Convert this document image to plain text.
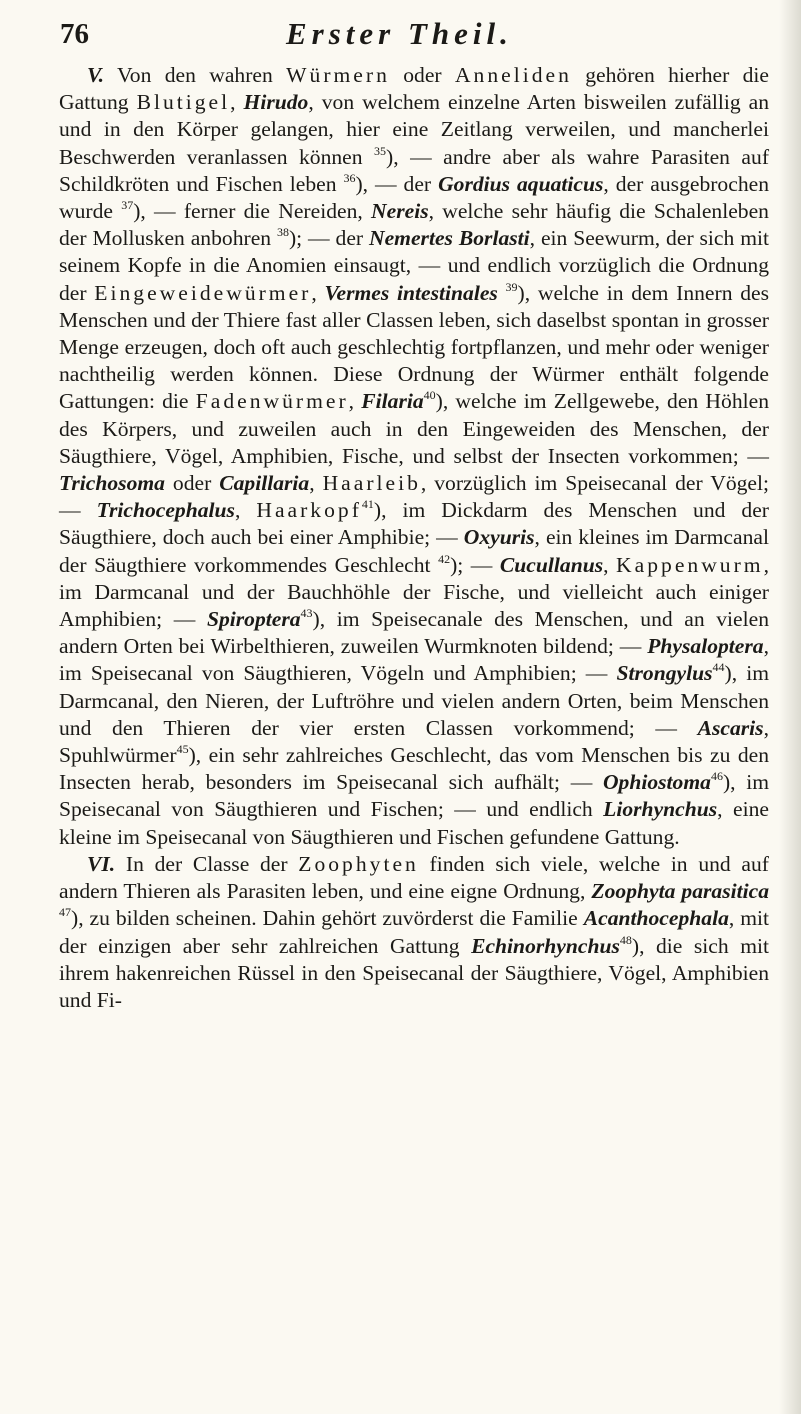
76	Erster Theil.

V. Von den wahren Würmern oder Anneliden gehören hierher die Gattung Blutigel, Hirudo, von welchem einzelne Arten bisweilen zufällig an und in den Körper gelangen, hier eine Zeitlang verweilen, und mancherlei Beschwerden veranlassen können $^{35}$), — andre aber als wahre Parasiten auf Schildkröten und Fischen leben $^{36}$), — der Gordius aquaticus, der ausgebrochen wurde $^{37}$), — ferner die Nereiden, Nereis, welche sehr häufig die Schalenleben der Mollusken anbohren $^{38}$); — der Nemertes Borlasti, ein Seewurm, der sich mit seinem Kopfe in die Anomien einsaugt, — und endlich vorzüglich die Ordnung der Eingeweidewürmer, Vermes intestinales $^{39}$), welche in dem Innern des Menschen und der Thiere fast aller Classen leben, sich daselbst spontan in grosser Menge erzeugen, doch oft auch geschlechtig fortpflanzen, und mehr oder weniger nachtheilig werden können. Diese Ordnung der Würmer enthält folgende Gattungen: die Fadenwürmer, Filaria$^{40}$), welche im Zellgewebe, den Höhlen des Körpers, und zuweilen auch in den Eingeweiden des Menschen, der Säugthiere, Vögel, Amphibien, Fische, und selbst der Insecten vorkommen; — Trichosoma oder Capillaria, Haarleib, vorzüglich im Speisecanal der Vögel; — Trichocephalus, Haarkopf$^{41}$), im Dickdarm des Menschen und der Säugthiere, doch auch bei einer Amphibie; — Oxyuris, ein kleines im Darmcanal der Säugthiere vorkommendes Geschlecht $^{42}$); — Cucullanus, Kappenwurm, im Darmcanal und der Bauchhöhle der Fische, und vielleicht auch einiger Amphibien; — Spiroptera$^{43}$), im Speisecanale des Menschen, und an vielen andern Orten bei Wirbelthieren, zuweilen Wurmknoten bildend; — Physaloptera, im Speisecanal von Säugthieren, Vögeln und Amphibien; — Strongylus$^{44}$), im Darmcanal, den Nieren, der Luftröhre und vielen andern Orten, beim Menschen und den Thieren der vier ersten Classen vorkommend; — Ascaris, Spuhlwürmer$^{45}$), ein sehr zahlreiches Geschlecht, das vom Menschen bis zu den Insecten herab, besonders im Speisecanal sich aufhält; — Ophiostoma$^{46}$), im Speisecanal von Säugthieren und Fischen; — und endlich Liorhynchus, eine kleine im Speisecanal von Säugthieren und Fischen gefundene Gattung.

VI. In der Classe der Zoophyten finden sich viele, welche in und auf andern Thieren als Parasiten leben, und eine eigne Ordnung, Zoophyta parasitica $^{47}$), zu bilden scheinen. Dahin gehört zuvörderst die Familie Acanthocephala, mit der einzigen aber sehr zahlreichen Gattung Echinorhynchus$^{48}$), die sich mit ihrem hakenreichen Rüssel in den Speisecanal der Säugthiere, Vögel, Amphibien und Fi-
